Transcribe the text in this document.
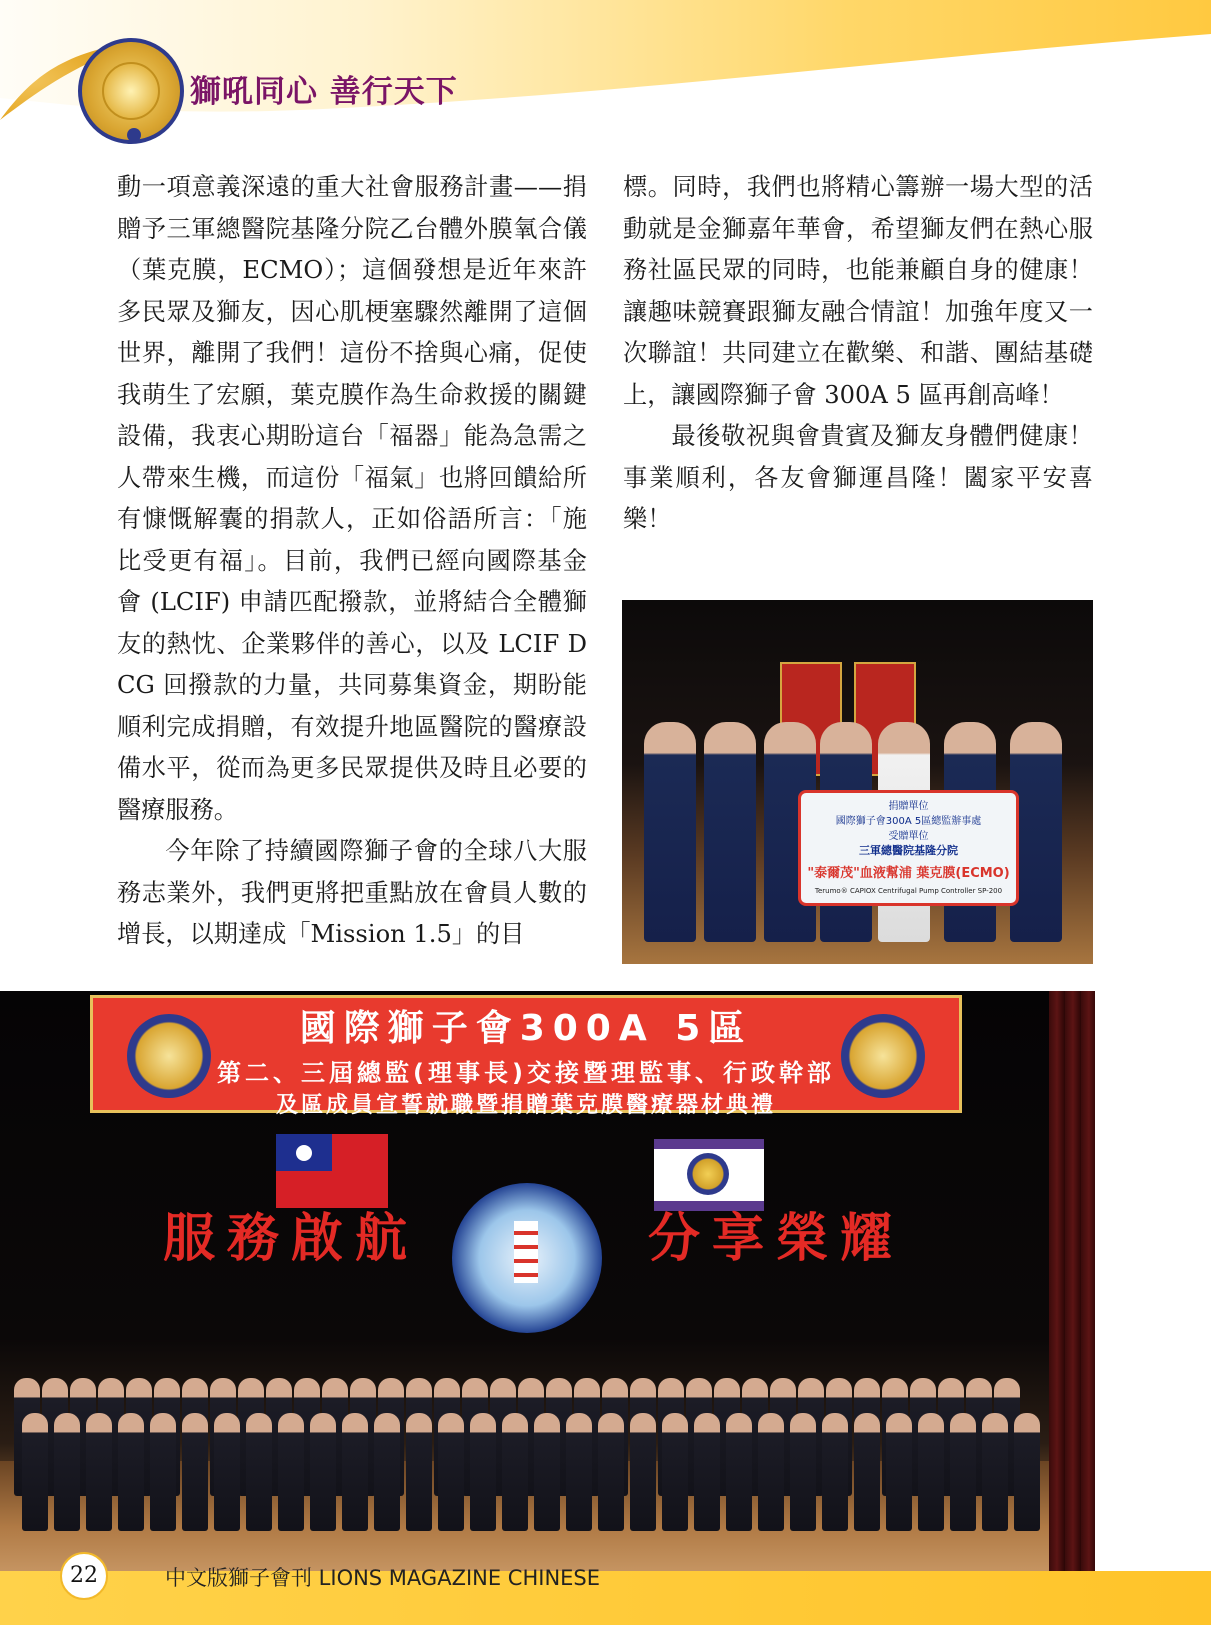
獅吼同心 善行天下

動一項意義深遠的重大社會服務計畫——捐贈予三軍總醫院基隆分院乙台體外膜氧合儀（葉克膜，ECMO）；這個發想是近年來許多民眾及獅友，因心肌梗塞驟然離開了這個世界，離開了我們！這份不捨與心痛，促使我萌生了宏願，葉克膜作為生命救援的關鍵設備，我衷心期盼這台「福器」能為急需之人帶來生機，而這份「福氣」也將回饋給所有慷慨解囊的捐款人，正如俗語所言：「施比受更有福」。目前，我們已經向國際基金會 (LCIF) 申請匹配撥款，並將結合全體獅友的熱忱、企業夥伴的善心，以及 LCIF DCG 回撥款的力量，共同募集資金，期盼能順利完成捐贈，有效提升地區醫院的醫療設備水平，從而為更多民眾提供及時且必要的醫療服務。

今年除了持續國際獅子會的全球八大服務志業外，我們更將把重點放在會員人數的增長，以期達成「Mission 1.5」的目

標。同時，我們也將精心籌辦一場大型的活動就是金獅嘉年華會，希望獅友們在熱心服務社區民眾的同時，也能兼顧自身的健康！ 讓趣味競賽跟獅友融合情誼！加強年度又一次聯誼！共同建立在歡樂、和諧、團結基礎上，讓國際獅子會 300A 5 區再創高峰！

最後敬祝與會貴賓及獅友身體們健康！事業順利，各友會獅運昌隆！闔家平安喜樂！

捐贈單位
國際獅子會300A 5區總監辦事處
受贈單位
三軍總醫院基隆分院
"泰爾茂"血液幫浦 葉克膜(ECMO)
Terumo® CAPIOX Centrifugal Pump Controller SP-200
國際獅子會300A 5區
第二、三屆總監(理事長)交接暨理監事、行政幹部
及區成員宣誓就職暨捐贈葉克膜醫療器材典禮

服務啟航	分享榮耀

22	中文版獅子會刊 LIONS MAGAZINE CHINESE
